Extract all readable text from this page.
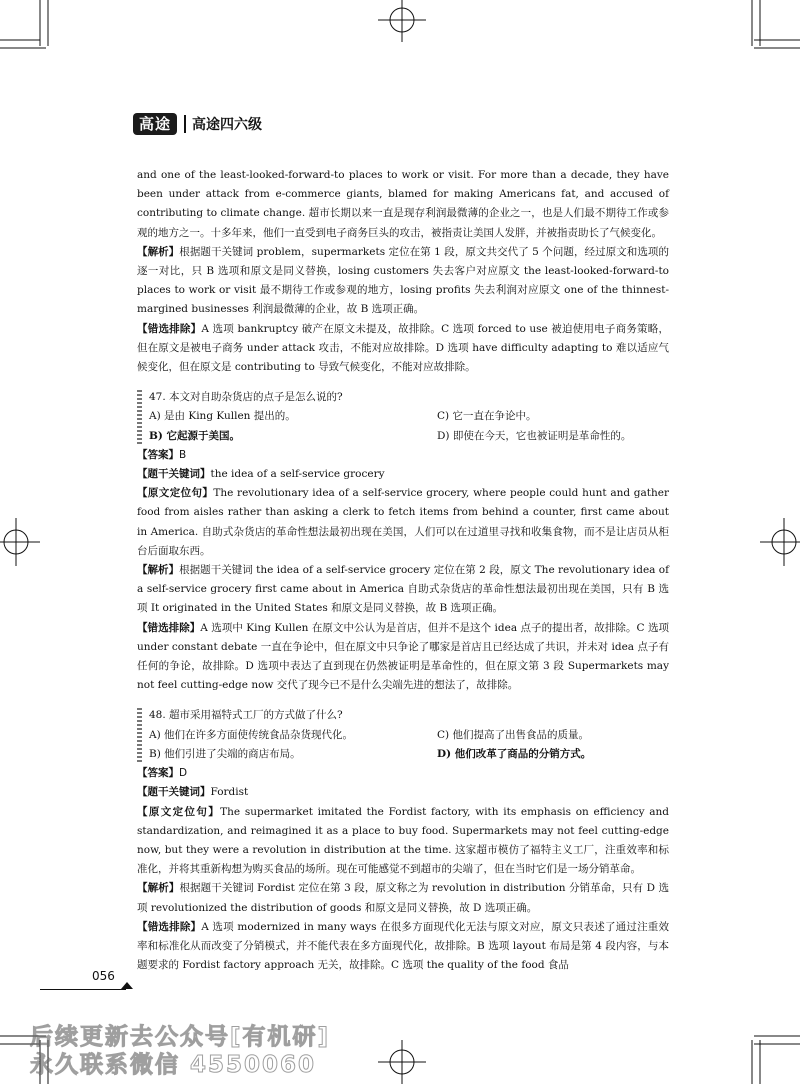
高途	高途四六级

and one of the least-looked-forward-to places to work or visit. For more than a decade, they have been under attack from e-commerce giants, blamed for making Americans fat, and accused of contributing to climate change. 超市长期以来一直是现存利润最微薄的企业之一，也是人们最不期待工作或参观的地方之一。十多年来，他们一直受到电子商务巨头的攻击，被指责让美国人发胖，并被指责助长了气候变化。

【解析】根据题干关键词 problem，supermarkets 定位在第 1 段，原文共交代了 5 个问题，经过原文和选项的逐一对比，只 B 选项和原文是同义替换，losing customers 失去客户对应原文 the least-looked-forward-to places to work or visit 最不期待工作或参观的地方，losing profits 失去利润对应原文 one of the thinnest-margined businesses 利润最微薄的企业，故 B 选项正确。

【错选排除】A 选项 bankruptcy 破产在原文未提及，故排除。C 选项 forced to use 被迫使用电子商务策略，但在原文是被电子商务 under attack 攻击，不能对应故排除。D 选项 have difficulty adapting to 难以适应气候变化，但在原文是 contributing to 导致气候变化，不能对应故排除。

47. 本文对自助杂货店的点子是怎么说的?

A) 是由 King Kullen 提出的。	C) 它一直在争论中。
B) 它起源于美国。	D) 即使在今天，它也被证明是革命性的。

【答案】B

【题干关键词】the idea of a self-service grocery

【原文定位句】The revolutionary idea of a self-service grocery, where people could hunt and gather food from aisles rather than asking a clerk to fetch items from behind a counter, first came about in America. 自助式杂货店的革命性想法最初出现在美国，人们可以在过道里寻找和收集食物，而不是让店员从柜台后面取东西。

【解析】根据题干关键词 the idea of a self-service grocery 定位在第 2 段，原文 The revolutionary idea of a self-service grocery first came about in America 自助式杂货店的革命性想法最初出现在美国，只有 B 选项 It originated in the United States 和原文是同义替换，故 B 选项正确。

【错选排除】A 选项中 King Kullen 在原文中公认为是首店，但并不是这个 idea 点子的提出者，故排除。C 选项 under constant debate 一直在争论中，但在原文中只争论了哪家是首店且已经达成了共识，并未对 idea 点子有任何的争论，故排除。D 选项中表达了直到现在仍然被证明是革命性的，但在原文第 3 段 Supermarkets may not feel cutting-edge now 交代了现今已不是什么尖端先进的想法了，故排除。

48. 超市采用福特式工厂的方式做了什么?

A) 他们在许多方面使传统食品杂货现代化。	C) 他们提高了出售食品的质量。
B) 他们引进了尖端的商店布局。	D) 他们改革了商品的分销方式。

【答案】D

【题干关键词】Fordist

【原文定位句】The supermarket imitated the Fordist factory, with its emphasis on efficiency and standardization, and reimagined it as a place to buy food. Supermarkets may not feel cutting-edge now, but they were a revolution in distribution at the time. 这家超市模仿了福特主义工厂，注重效率和标准化，并将其重新构想为购买食品的场所。现在可能感觉不到超市的尖端了，但在当时它们是一场分销革命。

【解析】根据题干关键词 Fordist 定位在第 3 段，原文称之为 revolution in distribution 分销革命，只有 D 选项 revolutionized the distribution of goods 和原文是同义替换，故 D 选项正确。

【错选排除】A 选项 modernized in many ways 在很多方面现代化无法与原文对应，原文只表述了通过注重效率和标准化从而改变了分销模式，并不能代表在多方面现代化，故排除。B 选项 layout 布局是第 4 段内容，与本题要求的 Fordist factory approach 无关，故排除。C 选项 the quality of the food 食品

056
后续更新去公众号[有机研]
永久联系微信 4550060
